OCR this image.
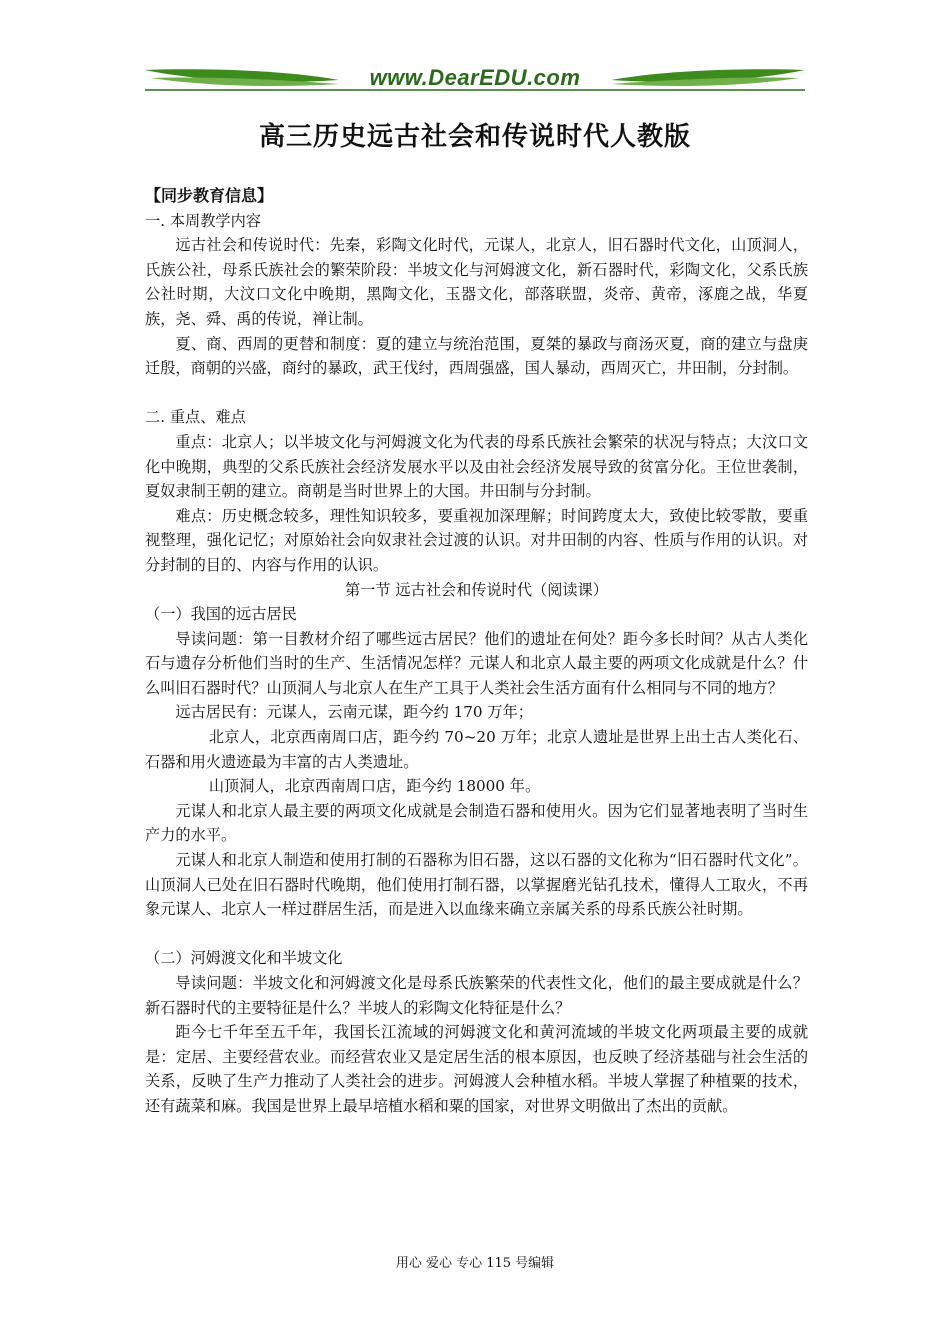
www.DearEDU.com
高三历史远古社会和传说时代人教版

【同步教育信息】

一. 本周教学内容

远古社会和传说时代：先秦，彩陶文化时代，元谋人，北京人，旧石器时代文化，山顶洞人，氏族公社，母系氏族社会的繁荣阶段：半坡文化与河姆渡文化，新石器时代，彩陶文化，父系氏族公社时期，大汶口文化中晚期，黑陶文化，玉器文化，部落联盟，炎帝、黄帝，涿鹿之战，华夏族，尧、舜、禹的传说，禅让制。

夏、商、西周的更替和制度：夏的建立与统治范围，夏桀的暴政与商汤灭夏，商的建立与盘庚迁殷，商朝的兴盛，商纣的暴政，武王伐纣，西周强盛，国人暴动，西周灭亡，井田制，分封制。

二. 重点、难点

重点：北京人；以半坡文化与河姆渡文化为代表的母系氏族社会繁荣的状况与特点；大汶口文化中晚期，典型的父系氏族社会经济发展水平以及由社会经济发展导致的贫富分化。王位世袭制，夏奴隶制王朝的建立。商朝是当时世界上的大国。井田制与分封制。

难点：历史概念较多，理性知识较多，要重视加深理解；时间跨度太大，致使比较零散，要重视整理，强化记忆；对原始社会向奴隶社会过渡的认识。对井田制的内容、性质与作用的认识。对分封制的目的、内容与作用的认识。

第一节 远古社会和传说时代（阅读课）

（一）我国的远古居民

导读问题：第一目教材介绍了哪些远古居民？他们的遗址在何处？距今多长时间？从古人类化石与遗存分析他们当时的生产、生活情况怎样？元谋人和北京人最主要的两项文化成就是什么？什么叫旧石器时代？山顶洞人与北京人在生产工具于人类社会生活方面有什么相同与不同的地方？

远古居民有：元谋人，云南元谋，距今约 170 万年；

北京人，北京西南周口店，距今约 70~20 万年；北京人遗址是世界上出土古人类化石、石器和用火遗迹最为丰富的古人类遗址。

山顶洞人，北京西南周口店，距今约 18000 年。

元谋人和北京人最主要的两项文化成就是会制造石器和使用火。因为它们显著地表明了当时生产力的水平。

元谋人和北京人制造和使用打制的石器称为旧石器，这以石器的文化称为“旧石器时代文化”。山顶洞人已处在旧石器时代晚期，他们使用打制石器，以掌握磨光钻孔技术，懂得人工取火，不再象元谋人、北京人一样过群居生活，而是进入以血缘来确立亲属关系的母系氏族公社时期。

（二）河姆渡文化和半坡文化

导读问题：半坡文化和河姆渡文化是母系氏族繁荣的代表性文化，他们的最主要成就是什么？新石器时代的主要特征是什么？半坡人的彩陶文化特征是什么？

距今七千年至五千年，我国长江流域的河姆渡文化和黄河流域的半坡文化两项最主要的成就是：定居、主要经营农业。而经营农业又是定居生活的根本原因，也反映了经济基础与社会生活的关系，反映了生产力推动了人类社会的进步。河姆渡人会种植水稻。半坡人掌握了种植粟的技术，还有蔬菜和麻。我国是世界上最早培植水稻和粟的国家，对世界文明做出了杰出的贡献。

用心 爱心 专心 115 号编辑
